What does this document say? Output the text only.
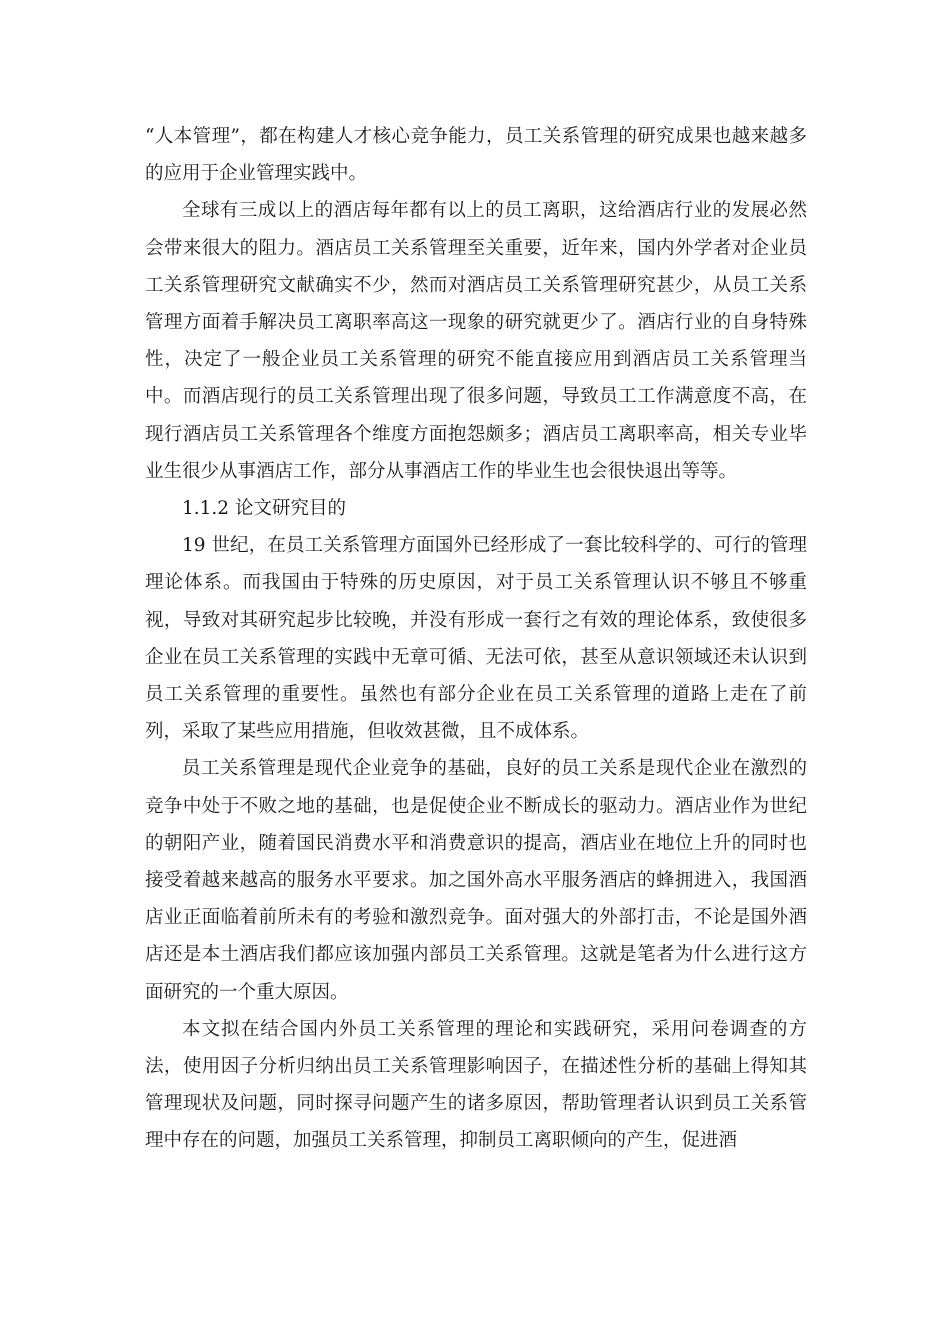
“人本管理”，都在构建人才核心竞争能力，员工关系管理的研究成果也越来越多的应用于企业管理实践中。

全球有三成以上的酒店每年都有以上的员工离职，这给酒店行业的发展必然会带来很大的阻力。酒店员工关系管理至关重要，近年来，国内外学者对企业员工关系管理研究文献确实不少，然而对酒店员工关系管理研究甚少，从员工关系管理方面着手解决员工离职率高这一现象的研究就更少了。酒店行业的自身特殊性，决定了一般企业员工关系管理的研究不能直接应用到酒店员工关系管理当中。而酒店现行的员工关系管理出现了很多问题，导致员工工作满意度不高，在现行酒店员工关系管理各个维度方面抱怨颇多；酒店员工离职率高，相关专业毕业生很少从事酒店工作，部分从事酒店工作的毕业生也会很快退出等等。

1.1.2 论文研究目的

19 世纪，在员工关系管理方面国外已经形成了一套比较科学的、可行的管理理论体系。而我国由于特殊的历史原因，对于员工关系管理认识不够且不够重视，导致对其研究起步比较晚，并没有形成一套行之有效的理论体系，致使很多企业在员工关系管理的实践中无章可循、无法可依，甚至从意识领域还未认识到员工关系管理的重要性。虽然也有部分企业在员工关系管理的道路上走在了前列，采取了某些应用措施，但收效甚微，且不成体系。

员工关系管理是现代企业竞争的基础，良好的员工关系是现代企业在激烈的竞争中处于不败之地的基础，也是促使企业不断成长的驱动力。酒店业作为世纪的朝阳产业，随着国民消费水平和消费意识的提高，酒店业在地位上升的同时也接受着越来越高的服务水平要求。加之国外高水平服务酒店的蜂拥进入，我国酒店业正面临着前所未有的考验和激烈竞争。面对强大的外部打击，不论是国外酒店还是本土酒店我们都应该加强内部员工关系管理。这就是笔者为什么进行这方面研究的一个重大原因。

本文拟在结合国内外员工关系管理的理论和实践研究，采用问卷调查的方法，使用因子分析归纳出员工关系管理影响因子，在描述性分析的基础上得知其管理现状及问题，同时探寻问题产生的诸多原因，帮助管理者认识到员工关系管理中存在的问题，加强员工关系管理，抑制员工离职倾向的产生，促进酒
